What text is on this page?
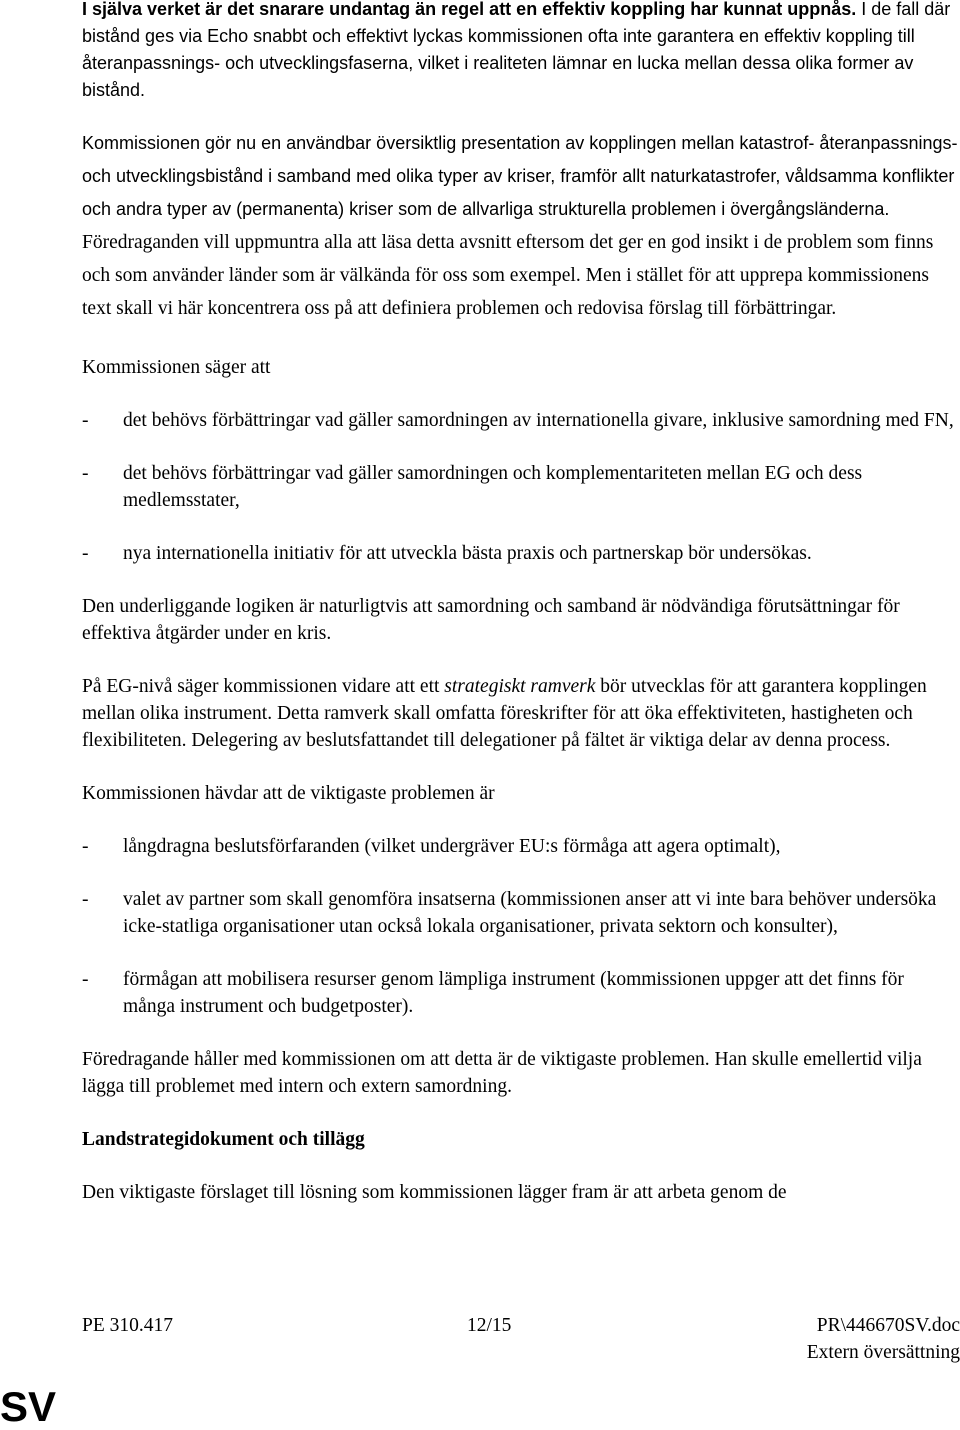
I själva verket är det snarare undantag än regel att en effektiv koppling har kunnat uppnås. I de fall där bistånd ges via Echo snabbt och effektivt lyckas kommissionen ofta inte garantera en effektiv koppling till återanpassnings- och utvecklingsfaserna, vilket i realiteten lämnar en lucka mellan dessa olika former av bistånd.

Kommissionen gör nu en användbar översiktlig presentation av kopplingen mellan katastrof- återanpassnings- och utvecklingsbistånd i samband med olika typer av kriser, framför allt naturkatastrofer, våldsamma konflikter och andra typer av (permanenta) kriser som de allvarliga strukturella problemen i övergångsländerna. Föredraganden vill uppmuntra alla att läsa detta avsnitt eftersom det ger en god insikt i de problem som finns och som använder länder som är välkända för oss som exempel. Men i stället för att upprepa kommissionens text skall vi här koncentrera oss på att definiera problemen och redovisa förslag till förbättringar.

Kommissionen säger att

- det behövs förbättringar vad gäller samordningen av internationella givare, inklusive samordning med FN,
- det behövs förbättringar vad gäller samordningen och komplementariteten mellan EG och dess medlemsstater,
- nya internationella initiativ för att utveckla bästa praxis och partnerskap bör undersökas.

Den underliggande logiken är naturligtvis att samordning och samband är nödvändiga förutsättningar för effektiva åtgärder under en kris.

På EG-nivå säger kommissionen vidare att ett strategiskt ramverk bör utvecklas för att garantera kopplingen mellan olika instrument. Detta ramverk skall omfatta föreskrifter för att öka effektiviteten, hastigheten och flexibiliteten. Delegering av beslutsfattandet till delegationer på fältet är viktiga delar av denna process.

Kommissionen hävdar att de viktigaste problemen är

- långdragna beslutsförfaranden (vilket undergräver EU:s förmåga att agera optimalt),
- valet av partner som skall genomföra insatserna (kommissionen anser att vi inte bara behöver undersöka icke-statliga organisationer utan också lokala organisationer, privata sektorn och konsulter),
- förmågan att mobilisera resurser genom lämpliga instrument (kommissionen uppger att det finns för många instrument och budgetposter).

Föredragande håller med kommissionen om att detta är de viktigaste problemen. Han skulle emellertid vilja lägga till problemet med intern och extern samordning.

Landstrategidokument och tillägg

Den viktigaste förslaget till lösning som kommissionen lägger fram är att arbeta genom de

PE 310.417	12/15	PR\446670SV.doc
Extern översättning
SV
